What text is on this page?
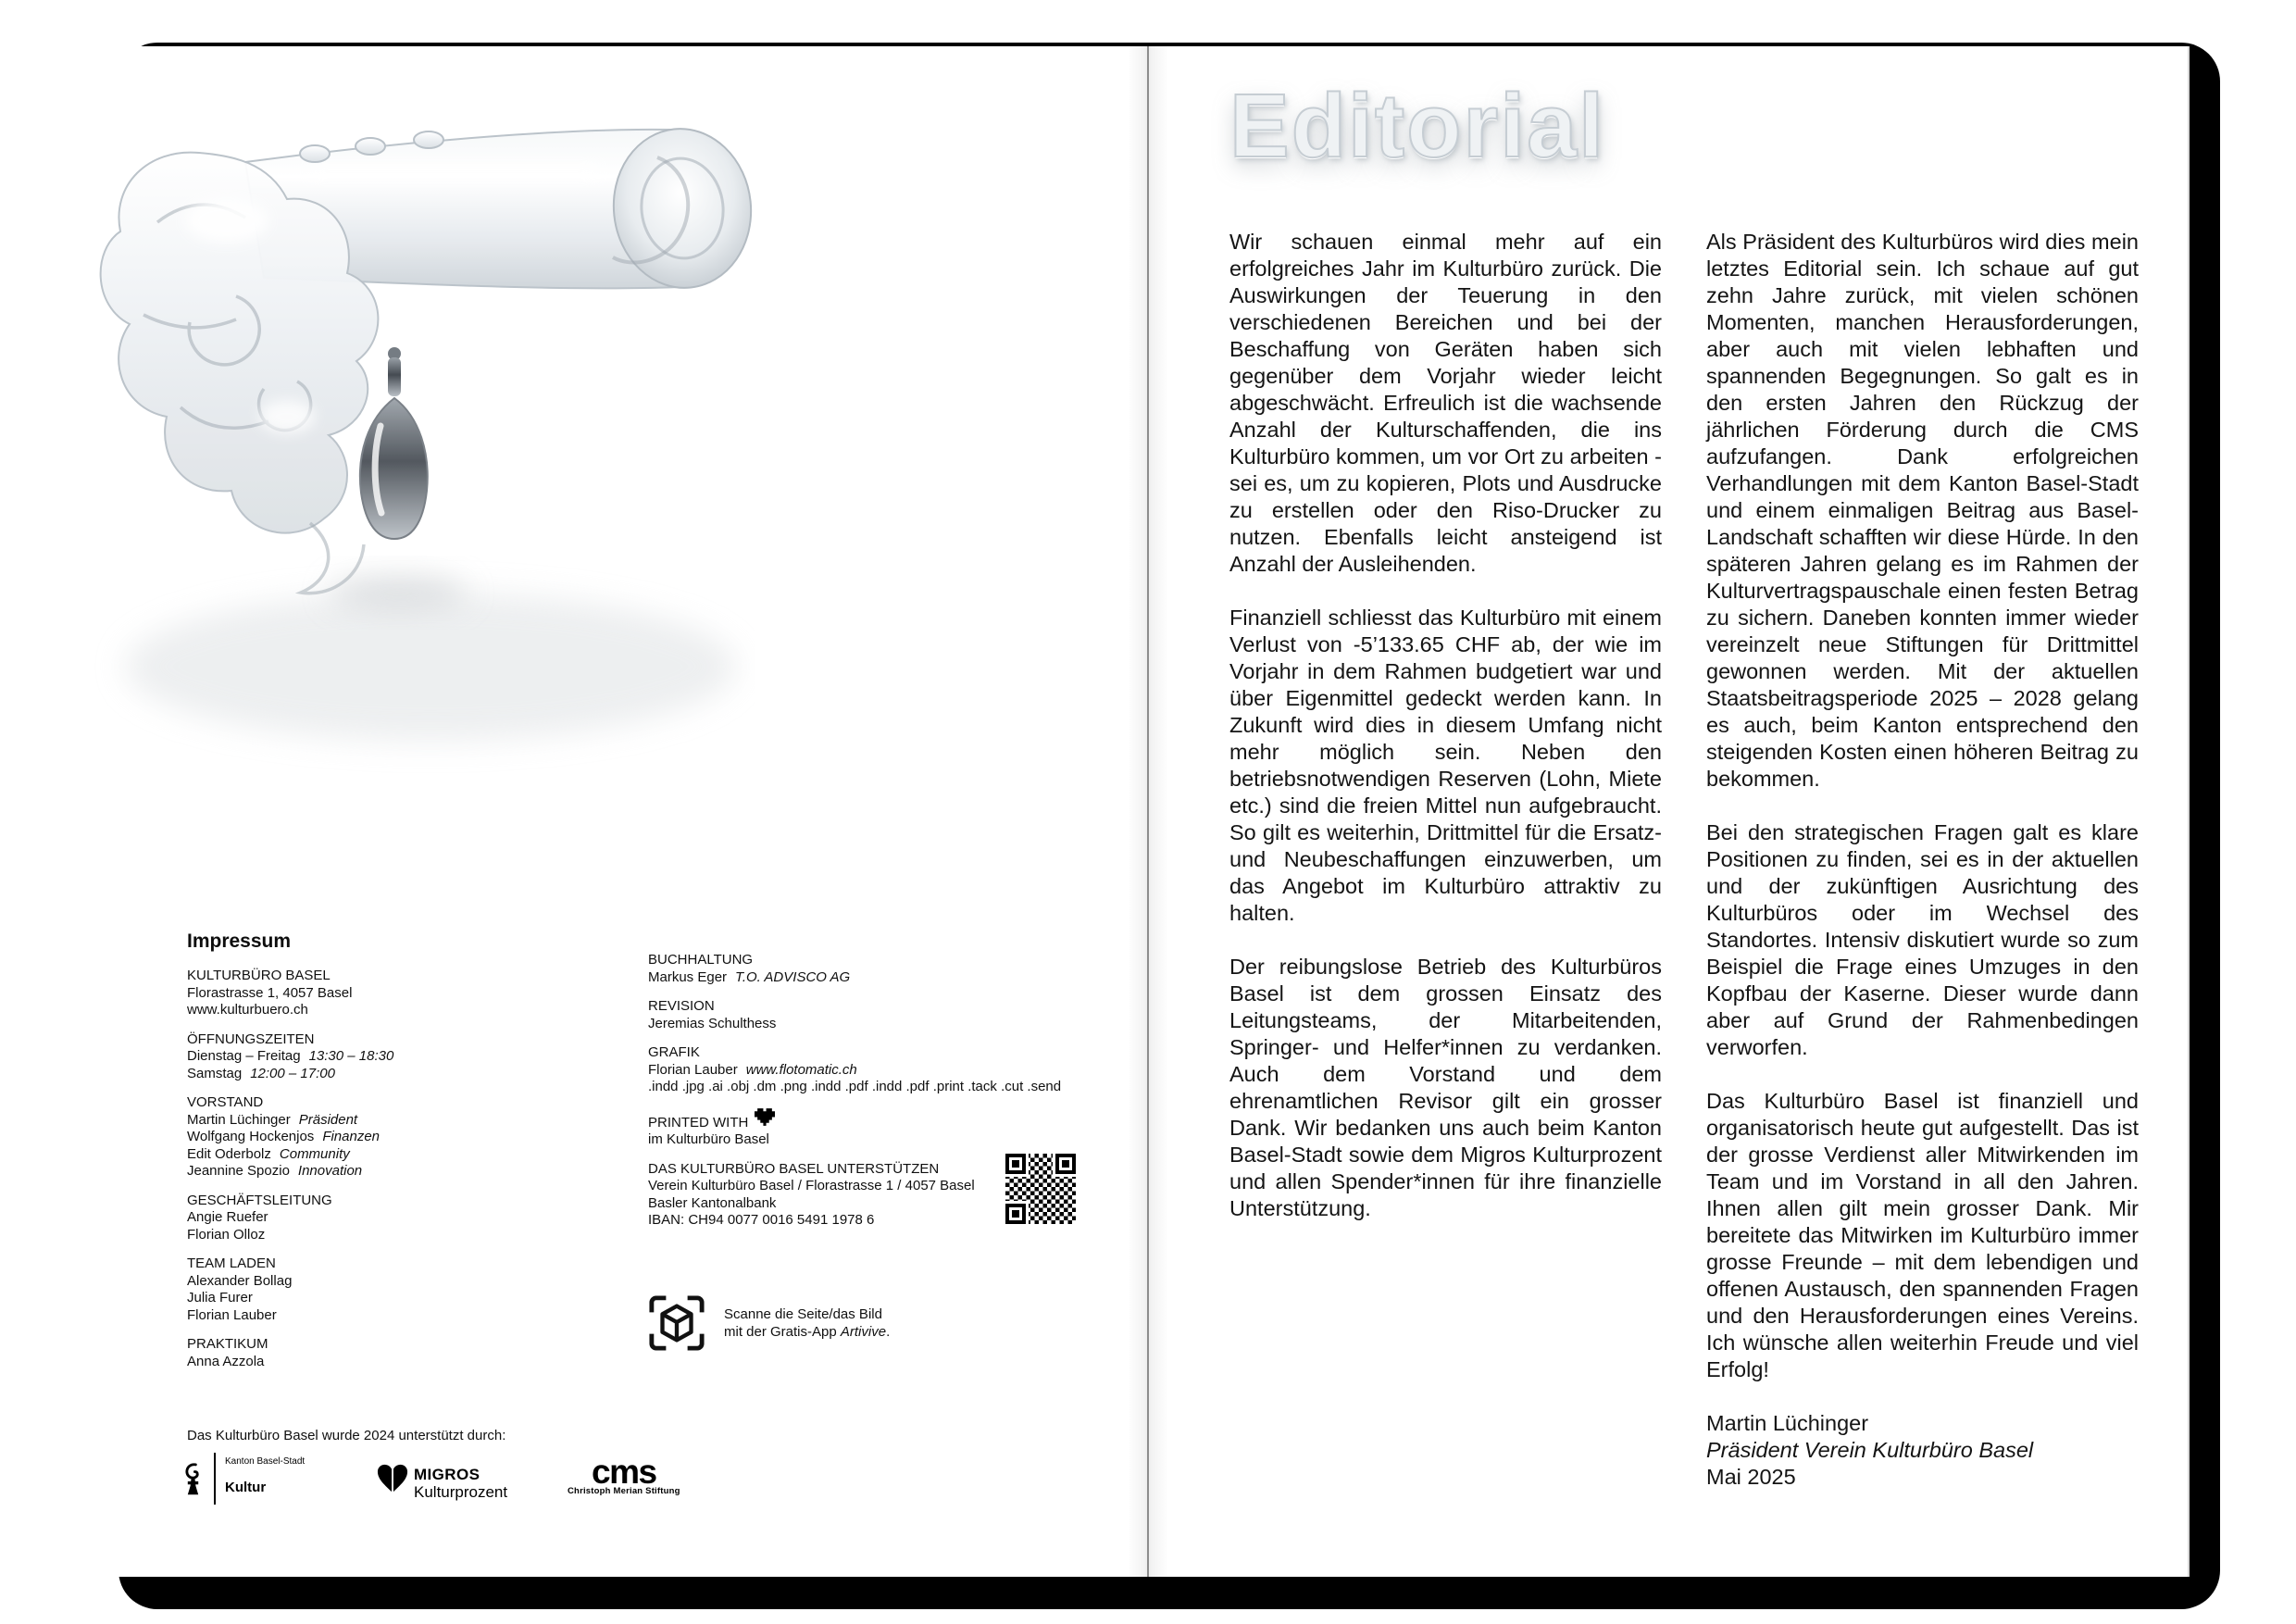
Impressum
KULTURBÜRO BASEL
Florastrasse 1, 4057 Basel
www.kulturbuero.ch
ÖFFNUNGSZEITEN
Dienstag – Freitag 13:30 – 18:30
Samstag 12:00 – 17:00
VORSTAND
Martin Lüchinger Präsident
Wolfgang Hockenjos Finanzen
Edit Oderbolz Community
Jeannine Spozio Innovation
GESCHÄFTSLEITUNG
Angie Ruefer
Florian Olloz
TEAM LADEN
Alexander Bollag
Julia Furer
Florian Lauber
PRAKTIKUM
Anna Azzola
BUCHHALTUNG
Markus Eger T.O. ADVISCO AG
REVISION
Jeremias Schulthess
GRAFIK
Florian Lauber www.flotomatic.ch
.indd .jpg .ai .obj .dm .png .indd .pdf .indd .pdf .print .tack .cut .send
PRINTED WITH
im Kulturbüro Basel
DAS KULTURBÜRO BASEL UNTERSTÜTZEN
Verein Kulturbüro Basel / Florastrasse 1 / 4057 Basel
Basler Kantonalbank
IBAN: CH94 0077 0016 5491 1978 6
Scanne die Seite/das Bild
mit der Gratis-App Artivive.
Das Kulturbüro Basel wurde 2024 unterstützt durch:
Kanton Basel-Stadt
Kultur
MIGROS
Kulturprozent
cms
Christoph Merian Stiftung
Editorial

Wir schauen einmal mehr auf ein erfolgreiches Jahr im Kulturbüro zurück. Die Auswirkungen der Teuerung in den verschiedenen Bereichen und bei der Beschaffung von Geräten haben sich gegenüber dem Vorjahr wieder leicht abgeschwächt. Erfreulich ist die wachsende Anzahl der Kulturschaffenden, die ins Kulturbüro kommen, um vor Ort zu arbeiten - sei es, um zu kopieren, Plots und Ausdrucke zu erstellen oder den Riso-Drucker zu nutzen. Ebenfalls leicht ansteigend ist Anzahl der Ausleihenden.

Finanziell schliesst das Kulturbüro mit einem Verlust von -5’133.65 CHF ab, der wie im Vorjahr in dem Rahmen budgetiert war und über Eigenmittel gedeckt werden kann. In Zukunft wird dies in diesem Umfang nicht mehr möglich sein. Neben den betriebsnotwendigen Reserven (Lohn, Miete etc.) sind die freien Mittel nun aufgebraucht. So gilt es weiterhin, Drittmittel für die Ersatz- und Neubeschaffungen einzuwerben, um das Angebot im Kulturbüro attraktiv zu halten.

Der reibungslose Betrieb des Kulturbüros Basel ist dem grossen Einsatz des Leitungsteams, der Mitarbeitenden, Springer- und Helfer*innen zu verdanken. Auch dem Vorstand und dem ehrenamtlichen Revisor gilt ein grosser Dank. Wir bedanken uns auch beim Kanton Basel-Stadt sowie dem Migros Kulturprozent und allen Spender*innen für ihre finanzielle Unterstützung.

Als Präsident des Kulturbüros wird dies mein letztes Editorial sein. Ich schaue auf gut zehn Jahre zurück, mit vielen schönen Momenten, manchen Herausforderungen, aber auch mit vielen lebhaften und spannenden Begegnungen. So galt es in den ersten Jahren den Rückzug der jährlichen Förderung durch die CMS aufzufangen. Dank erfolgreichen Verhandlungen mit dem Kanton Basel-Stadt und einem einmaligen Beitrag aus Basel-Landschaft schafften wir diese Hürde. In den späteren Jahren gelang es im Rahmen der Kulturvertragspauschale einen festen Betrag zu sichern. Daneben konnten immer wieder vereinzelt neue Stiftungen für Drittmittel gewonnen werden. Mit der aktuellen Staatsbeitragsperiode 2025 – 2028 gelang es auch, beim Kanton entsprechend den steigenden Kosten einen höheren Beitrag zu bekommen.

Bei den strategischen Fragen galt es klare Positionen zu finden, sei es in der aktuellen und der zukünftigen Ausrichtung des Kulturbüros oder im Wechsel des Standortes. Intensiv diskutiert wurde so zum Beispiel die Frage eines Umzuges in den Kopfbau der Kaserne. Dieser wurde dann aber auf Grund der Rahmenbedingen verworfen.

Das Kulturbüro Basel ist finanziell und organisatorisch heute gut aufgestellt. Das ist der grosse Verdienst aller Mitwirkenden im Team und im Vorstand in all den Jahren. Ihnen allen gilt mein grosser Dank. Mir bereitete das Mitwirken im Kulturbüro immer grosse Freunde – mit dem lebendigen und offenen Austausch, den spannenden Fragen und den Herausforderungen eines Vereins. Ich wünsche allen weiterhin Freude und viel Erfolg!

Martin Lüchinger
Präsident Verein Kulturbüro Basel
Mai 2025
